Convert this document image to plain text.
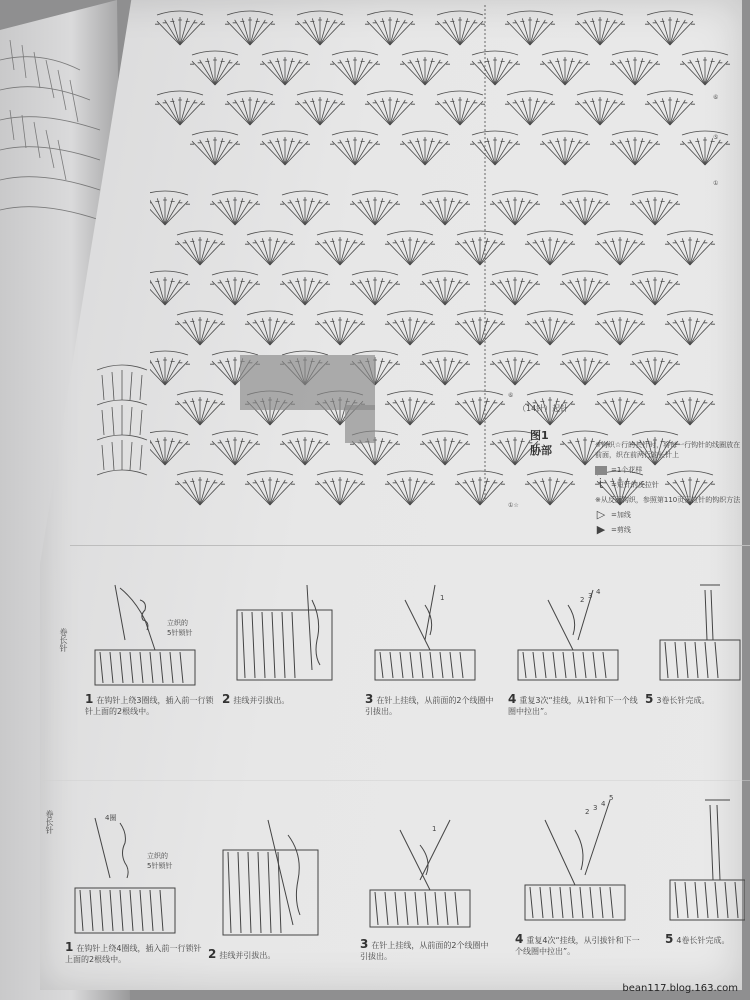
（14针）起针
⑥
⑤
①
⑥
①☆
图1
胁部	※钩织☆行的长针时，将每一行钩针的线圈放在前面，织在前两行的长针上
=1个花样
ṫ	=短针的反拉针
※从反面钩织，参照第110页正拉针的钩织方法
▷ =加线
▶ =剪线
卷长针
卷长针
立织的
5针锁针
1 在钩针上绕3圈线，插入前一行锁针上面的2根线中。
2 挂线并引拔出。
1
3 在针上挂线，从前面的2个线圈中引拔出。
2 3 4
4 重复3次“挂线，从1针和下一个线圈中拉出”。
5 3卷长针完成。
4圈
立织的
5针锁针
1 在钩针上绕4圈线，插入前一行锁针上面的2根线中。	2 挂线并引拔出。
1
3 在针上挂线，从前面的2个线圈中引拔出。
2 3 4
5
4 重复4次“挂线，从引拔针和下一个线圈中拉出”。
5 4卷长针完成。
bean117.blog.163.com
